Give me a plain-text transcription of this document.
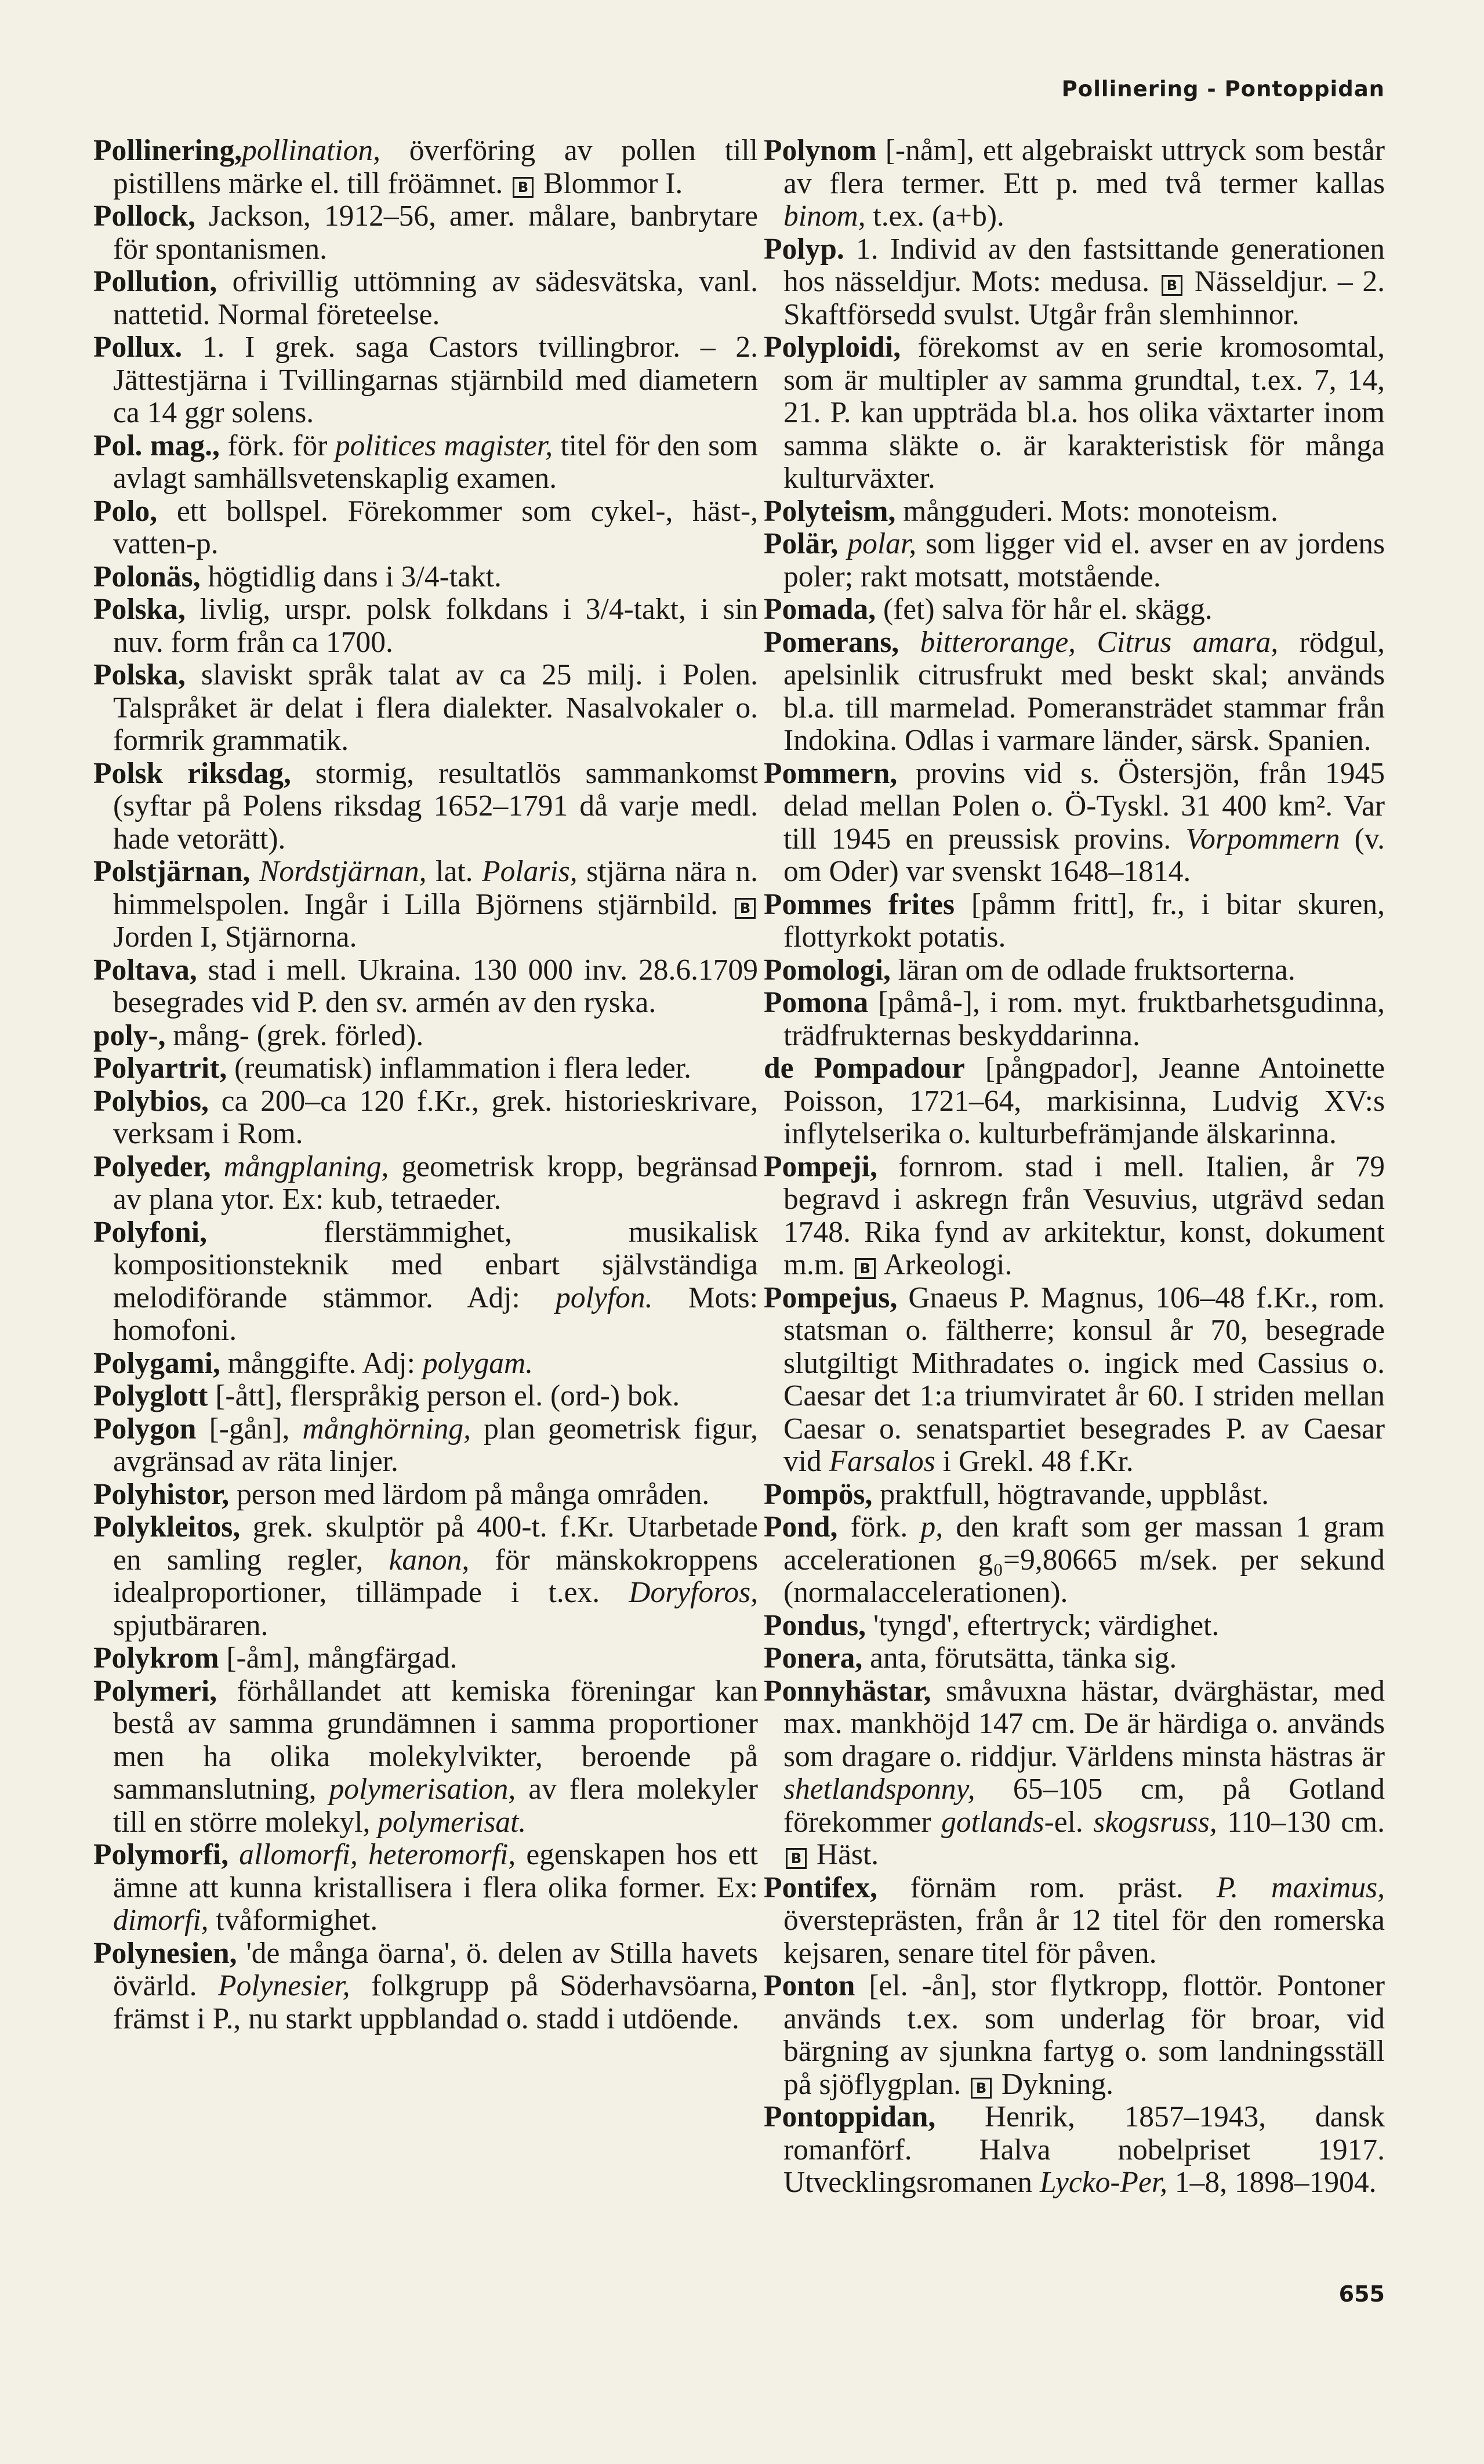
Pollinering - Pontoppidan

Pollinering,pollination, överföring av pollen till pistillens märke el. till fröämnet. B Blommor I.

Pollock, Jackson, 1912–56, amer. målare, banbrytare för spontanismen.

Pollution, ofrivillig uttömning av sädesvätska, vanl. nattetid. Normal företeelse.

Pollux. 1. I grek. saga Castors tvillingbror. – 2. Jättestjärna i Tvillingarnas stjärnbild med diametern ca 14 ggr solens.

Pol. mag., förk. för politices magister, titel för den som avlagt samhällsvetenskaplig examen.

Polo, ett bollspel. Förekommer som cykel-, häst-, vatten-p.

Polonäs, högtidlig dans i 3/4-takt.

Polska, livlig, urspr. polsk folkdans i 3/4-takt, i sin nuv. form från ca 1700.

Polska, slaviskt språk talat av ca 25 milj. i Polen. Talspråket är delat i flera dialekter. Nasalvokaler o. formrik grammatik.

Polsk riksdag, stormig, resultatlös sammankomst (syftar på Polens riksdag 1652–1791 då varje medl. hade vetorätt).

Polstjärnan, Nordstjärnan, lat. Polaris, stjärna nära n. himmelspolen. Ingår i Lilla Björnens stjärnbild. B Jorden I, Stjärnorna.

Poltava, stad i mell. Ukraina. 130 000 inv. 28.6.1709 besegrades vid P. den sv. armén av den ryska.

poly-, mång- (grek. förled).

Polyartrit, (reumatisk) inflammation i flera leder.

Polybios, ca 200–ca 120 f.Kr., grek. historieskrivare, verksam i Rom.

Polyeder, mångplaning, geometrisk kropp, begränsad av plana ytor. Ex: kub, tetraeder.

Polyfoni, flerstämmighet, musikalisk kompositionsteknik med enbart självständiga melodiförande stämmor. Adj: polyfon. Mots: homofoni.

Polygami, månggifte. Adj: polygam.

Polyglott [-ått], flerspråkig person el. (ord-) bok.

Polygon [-gån], månghörning, plan geometrisk figur, avgränsad av räta linjer.

Polyhistor, person med lärdom på många områden.

Polykleitos, grek. skulptör på 400-t. f.Kr. Utarbetade en samling regler, kanon, för mänskokroppens idealproportioner, tillämpade i t.ex. Doryforos, spjutbäraren.

Polykrom [-åm], mångfärgad.

Polymeri, förhållandet att kemiska föreningar kan bestå av samma grundämnen i samma proportioner men ha olika molekylvikter, beroende på sammanslutning, polymerisation, av flera molekyler till en större molekyl, polymerisat.

Polymorfi, allomorfi, heteromorfi, egenskapen hos ett ämne att kunna kristallisera i flera olika former. Ex: dimorfi, tvåformighet.

Polynesien, 'de många öarna', ö. delen av Stilla havets övärld. Polynesier, folkgrupp på Söderhavsöarna, främst i P., nu starkt uppblandad o. stadd i utdöende.

Polynom [-nåm], ett algebraiskt uttryck som består av flera termer. Ett p. med två termer kallas binom, t.ex. (a+b).

Polyp. 1. Individ av den fastsittande generationen hos nässeldjur. Mots: medusa. B Nässeldjur. – 2. Skaftförsedd svulst. Utgår från slemhinnor.

Polyploidi, förekomst av en serie kromosomtal, som är multipler av samma grundtal, t.ex. 7, 14, 21. P. kan uppträda bl.a. hos olika växtarter inom samma släkte o. är karakteristisk för många kulturväxter.

Polyteism, mångguderi. Mots: monoteism.

Polär, polar, som ligger vid el. avser en av jordens poler; rakt motsatt, motstående.

Pomada, (fet) salva för hår el. skägg.

Pomerans, bitterorange, Citrus amara, rödgul, apelsinlik citrusfrukt med beskt skal; används bl.a. till marmelad. Pomeransträdet stammar från Indokina. Odlas i varmare länder, särsk. Spanien.

Pommern, provins vid s. Östersjön, från 1945 delad mellan Polen o. Ö-Tyskl. 31 400 km². Var till 1945 en preussisk provins. Vorpommern (v. om Oder) var svenskt 1648–1814.

Pommes frites [påmm fritt], fr., i bitar skuren, flottyrkokt potatis.

Pomologi, läran om de odlade fruktsorterna.

Pomona [påmå-], i rom. myt. fruktbarhetsgudinna, trädfrukternas beskyddarinna.

de Pompadour [pångpador], Jeanne Antoinette Poisson, 1721–64, markisinna, Ludvig XV:s inflytelserika o. kulturbefrämjande älskarinna.

Pompeji, fornrom. stad i mell. Italien, år 79 begravd i askregn från Vesuvius, utgrävd sedan 1748. Rika fynd av arkitektur, konst, dokument m.m. B Arkeologi.

Pompejus, Gnaeus P. Magnus, 106–48 f.Kr., rom. statsman o. fältherre; konsul år 70, besegrade slutgiltigt Mithradates o. ingick med Cassius o. Caesar det 1:a triumviratet år 60. I striden mellan Caesar o. senatspartiet besegrades P. av Caesar vid Farsalos i Grekl. 48 f.Kr.

Pompös, praktfull, högtravande, uppblåst.

Pond, förk. p, den kraft som ger massan 1 gram accelerationen g₀=9,80665 m/sek. per sekund (normalaccelerationen).

Pondus, 'tyngd', eftertryck; värdighet.

Ponera, anta, förutsätta, tänka sig.

Ponnyhästar, småvuxna hästar, dvärghästar, med max. mankhöjd 147 cm. De är härdiga o. används som dragare o. riddjur. Världens minsta hästras är shetlandsponny, 65–105 cm, på Gotland förekommer gotlands-el. skogsruss, 110–130 cm. B Häst.

Pontifex, förnäm rom. präst. P. maximus, översteprästen, från år 12 titel för den romerska kejsaren, senare titel för påven.

Ponton [el. -ån], stor flytkropp, flottör. Pontoner används t.ex. som underlag för broar, vid bärgning av sjunkna fartyg o. som landningsställ på sjöflygplan. B Dykning.

Pontoppidan, Henrik, 1857–1943, dansk romanförf. Halva nobelpriset 1917. Utvecklingsromanen Lycko-Per, 1–8, 1898–1904.

655
